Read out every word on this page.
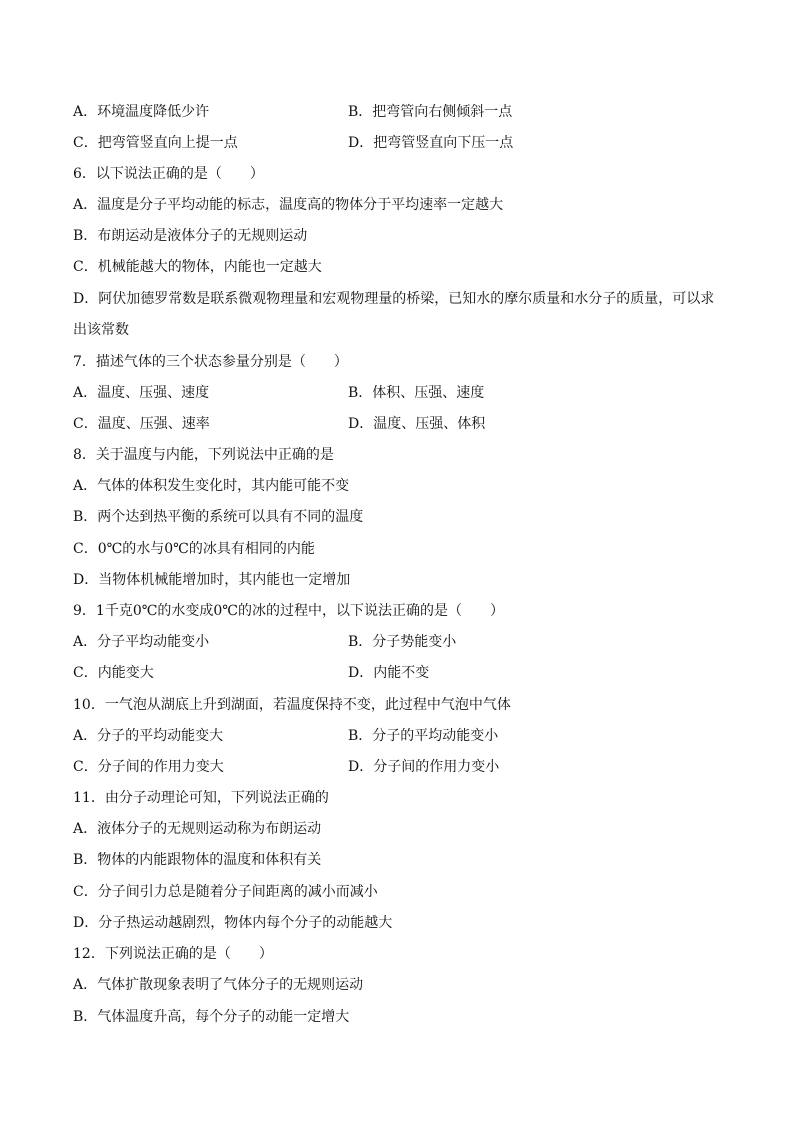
A．环境温度降低少许	B．把弯管向右侧倾斜一点
C．把弯管竖直向上提一点	D．把弯管竖直向下压一点
6．以下说法正确的是（　　）
A．温度是分子平均动能的标志，温度高的物体分于平均速率一定越大
B．布朗运动是液体分子的无规则运动
C．机械能越大的物体，内能也一定越大
D．阿伏加德罗常数是联系微观物理量和宏观物理量的桥梁，已知水的摩尔质量和水分子的质量，可以求
出该常数
7．描述气体的三个状态参量分别是（　　）
A．温度、压强、速度	B．体积、压强、速度
C．温度、压强、速率	D．温度、压强、体积
8．关于温度与内能，下列说法中正确的是
A．气体的体积发生变化时，其内能可能不变
B．两个达到热平衡的系统可以具有不同的温度
C．0℃的水与0℃的冰具有相同的内能
D．当物体机械能增加时，其内能也一定增加
9．1千克0℃的水变成0℃的冰的过程中，以下说法正确的是（　　）
A．分子平均动能变小	B．分子势能变小
C．内能变大	D．内能不变
10．一气泡从湖底上升到湖面，若温度保持不变，此过程中气泡中气体
A．分子的平均动能变大	B．分子的平均动能变小
C．分子间的作用力变大	D．分子间的作用力变小
11．由分子动理论可知，下列说法正确的
A．液体分子的无规则运动称为布朗运动
B．物体的内能跟物体的温度和体积有关
C．分子间引力总是随着分子间距离的减小而减小
D．分子热运动越剧烈，物体内每个分子的动能越大
12．下列说法正确的是（　　）
A．气体扩散现象表明了气体分子的无规则运动
B．气体温度升高，每个分子的动能一定增大
